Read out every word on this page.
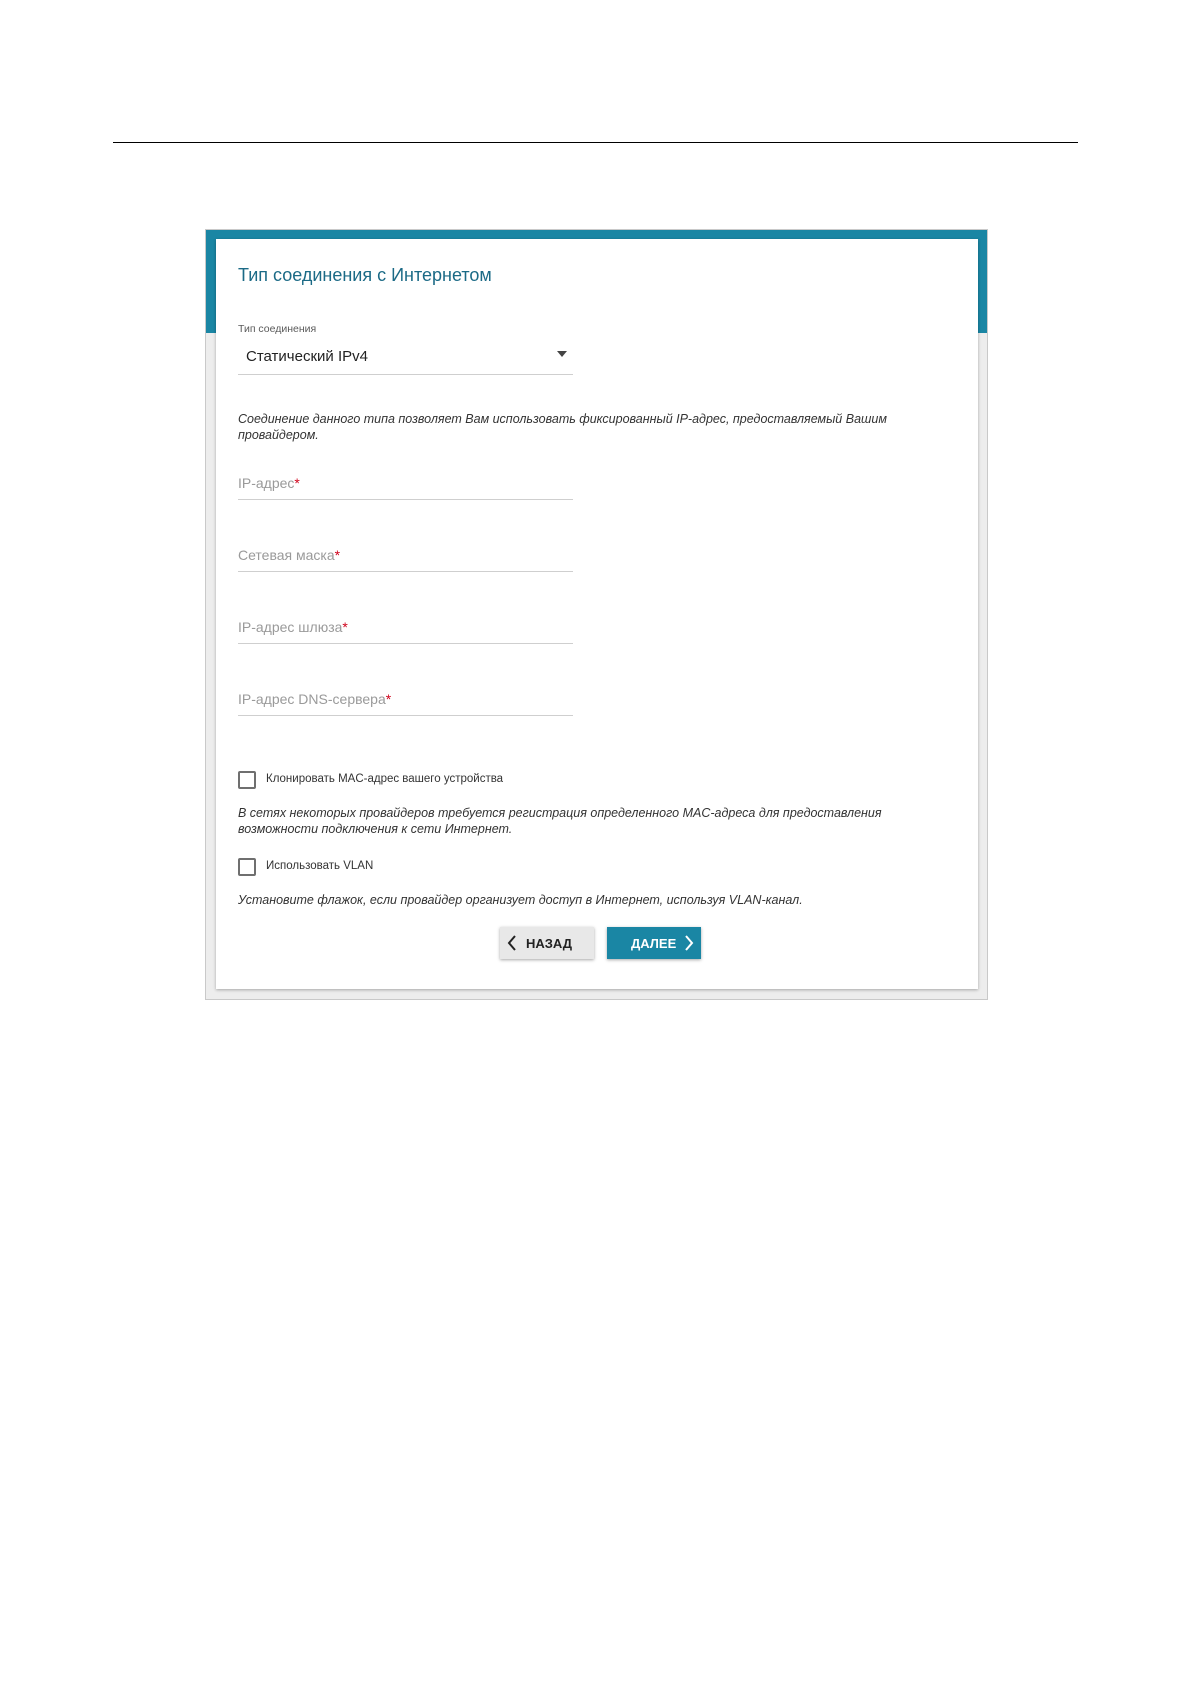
Тип соединения с Интернетом
Тип соединения
Статический IPv4
Соединение данного типа позволяет Вам использовать фиксированный IP-адрес, предоставляемый Вашим провайдером.
IP-адрес*
Сетевая маска*
IP-адрес шлюза*
IP-адрес DNS-сервера*
Клонировать MAC-адрес вашего устройства
В сетях некоторых провайдеров требуется регистрация определенного MAC-адреса для предоставления возможности подключения к сети Интернет.
Использовать VLAN
Установите флажок, если провайдер организует доступ в Интернет, используя VLAN-канал.
НАЗАД	ДАЛЕЕ
